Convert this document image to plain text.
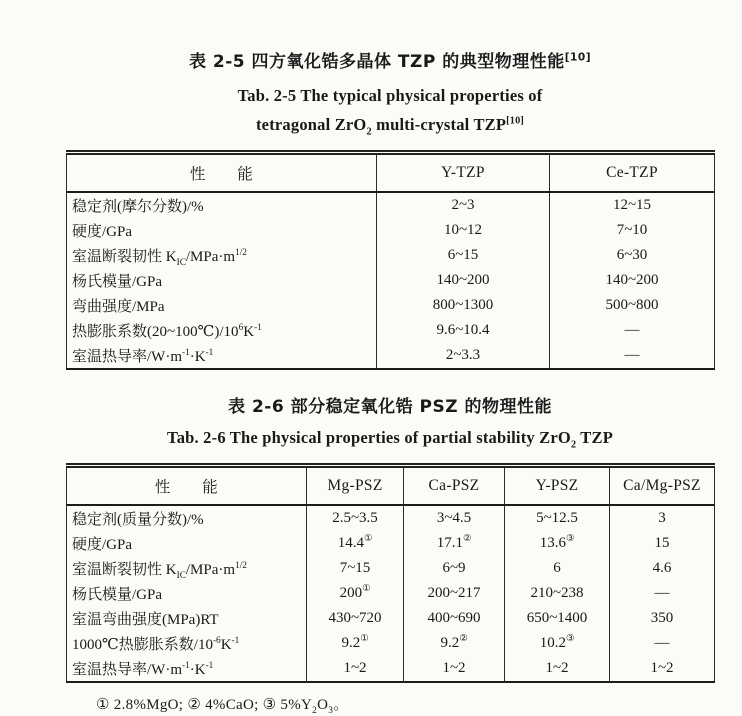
表 2-5 四方氧化锆多晶体 TZP 的典型物理性能[10]
Tab. 2-5 The typical physical properties of
tetragonal ZrO$_2$ multi-crystal TZP[10]
性　　能	Y-TZP	Ce-TZP
稳定剂(摩尔分数)/%	2~3	12~15
硬度/GPa	10~12	7~10
室温断裂韧性 $K_{IC}/MPa\cdot m^{1/2}$	6~15	6~30
杨氏模量/GPa	140~200	140~200
弯曲强度/MPa	800~1300	500~800
热膨胀系数$(20\sim 100℃)/10^6K^{-1}$	9.6~10.4	—
室温热导率$/W\cdot m^{-1}\cdot K^{-1}$	2~3.3	—
表 2-6 部分稳定氧化锆 PSZ 的物理性能
Tab. 2-6 The physical properties of partial stability ZrO$_2$ TZP
性　　能	Mg-PSZ	Ca-PSZ	Y-PSZ	Ca/Mg-PSZ
稳定剂(质量分数)/%	2.5~3.5	3~4.5	5~12.5	3
硬度/GPa	14.4①	17.1②	13.6③	15
室温断裂韧性 $K_{IC}/MPa\cdot m^{1/2}$	7~15	6~9	6	4.6
杨氏模量/GPa	200①	200~217	210~238	—
室温弯曲强度(MPa)RT	430~720	400~690	650~1400	350
1000℃热膨胀系数$/10^{-6}K^{-1}$	9.2①	9.2②	10.2③	—
室温热导率$/W\cdot m^{-1}\cdot K^{-1}$	1~2	1~2	1~2	1~2
① 2.8%MgO; ② 4%CaO; ③ $5\%Y_2O_3$。
